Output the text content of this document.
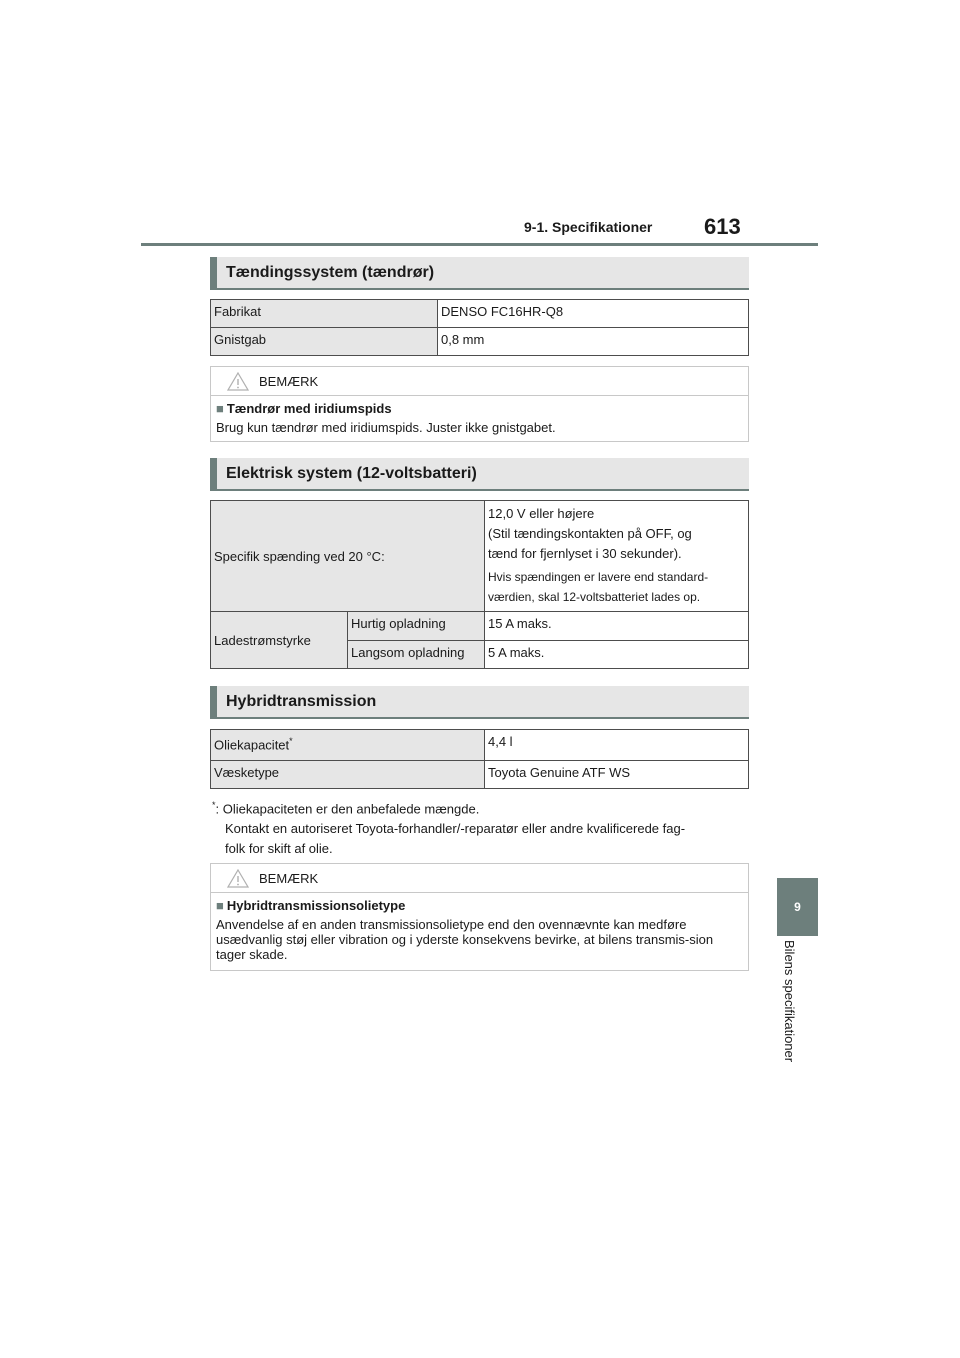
9-1. Specifikationer 613
9
Bilens specifikationer
Tændingssystem (tændrør)
Fabrikat	DENSO FC16HR-Q8
Gnistgab	0,8 mm
BEMÆRK
■ Tændrør med iridiumspids
Brug kun tændrør med iridiumspids. Juster ikke gnistgabet.
Elektrisk system (12-voltsbatteri)
Specifik spænding ved 20 °C:		12,0 V eller højere
(Stil tændingskontakten på OFF, og
tænd for fjernlyset i 30 sekunder).
Hvis spændingen er lavere end standard-
værdien, skal 12-voltsbatteriet lades op.

Ladestrømstyrke	Hurtig opladning	15 A maks.
	Langsom opladning	5 A maks.
Hybridtransmission
Oliekapacitet*	4,4 l
Væsketype	Toyota Genuine ATF WS
*: Oliekapaciteten er den anbefalede mængde.
Kontakt en autoriseret Toyota-forhandler/-reparatør eller andre kvalificerede fag-
folk for skift af olie.
BEMÆRK
■ Hybridtransmissionsolietype
Anvendelse af en anden transmissionsolietype end den ovennævnte kan medføre usædvanlig støj eller vibration og i yderste konsekvens bevirke, at bilens transmis-sion tager skade.
